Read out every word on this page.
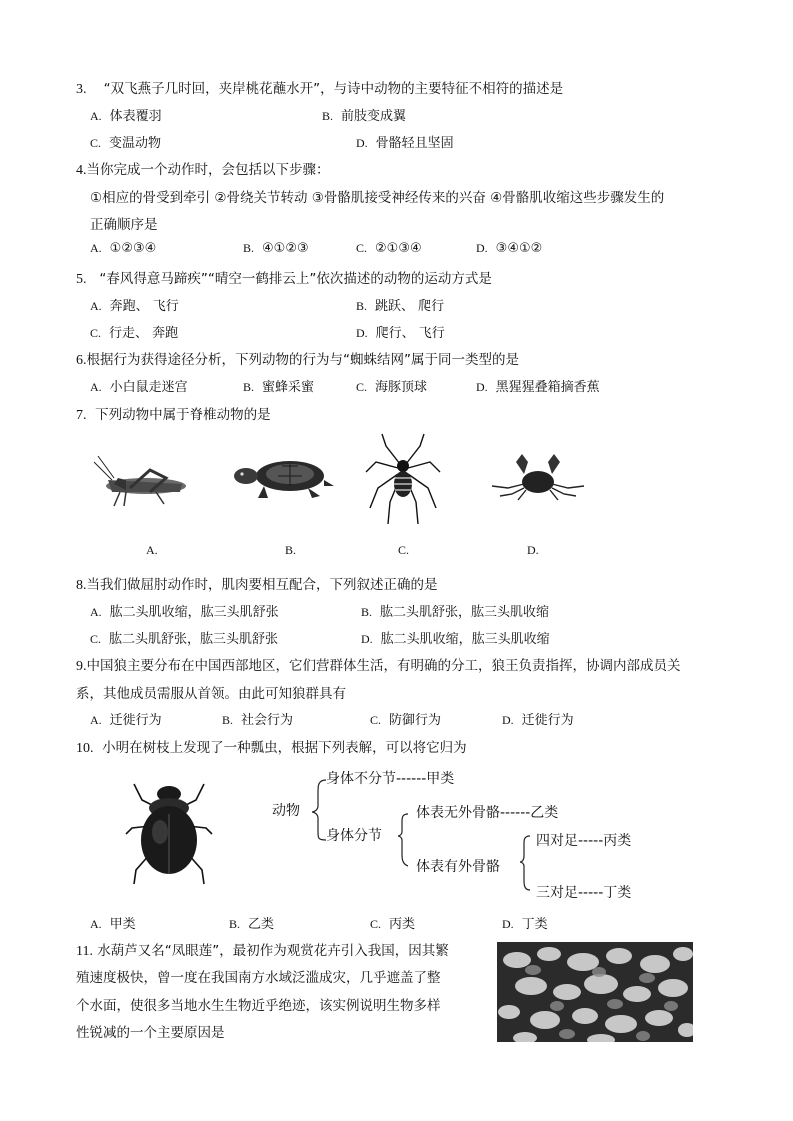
3. “双飞燕子几时回，夹岸桃花蘸水开”，与诗中动物的主要特征不相符的描述是
A. 体表覆羽	B. 前肢变成翼
C. 变温动物	D. 骨骼轻且坚固
4.当你完成一个动作时，会包括以下步骤：
①相应的骨受到牵引 ②骨绕关节转动 ③骨骼肌接受神经传来的兴奋 ④骨骼肌收缩这些步骤发生的
正确顺序是
A. ①②③④	B. ④①②③	C. ②①③④	D. ③④①②
5. “春风得意马蹄疾”“晴空一鹤排云上”依次描述的动物的运动方式是
A. 奔跑、 飞行	B. 跳跃、 爬行
C. 行走、 奔跑	D. 爬行、 飞行
6.根据行为获得途径分析，下列动物的行为与“蜘蛛结网”属于同一类型的是
A. 小白鼠走迷宫	B. 蜜蜂采蜜	C. 海豚顶球	D. 黑猩猩叠箱摘香蕉
7. 下列动物中属于脊椎动物的是
A.	B.	C.	D.
8.当我们做屈肘动作时，肌肉要相互配合，下列叙述正确的是
A. 肱二头肌收缩，肱三头肌舒张	B. 肱二头肌舒张，肱三头肌收缩
C. 肱二头肌舒张，肱三头肌舒张	D. 肱二头肌收缩，肱三头肌收缩
9.中国狼主要分布在中国西部地区，它们营群体生活，有明确的分工，狼王负责指挥，协调内部成员关
系，其他成员需服从首领。由此可知狼群具有
A. 迁徙行为	B. 社会行为	C. 防御行为	D. 迁徙行为
10. 小明在树枝上发现了一种瓢虫，根据下列表解，可以将它归为
动物
身体不分节------甲类
身体分节
体表无外骨骼------乙类
体表有外骨骼
四对足-----丙类
三对足-----丁类
A. 甲类	B. 乙类	C. 丙类	D. 丁类
11. 水葫芦又名“凤眼莲”，最初作为观赏花卉引入我国，因其繁
殖速度极快，曾一度在我国南方水域泛滥成灾，几乎遮盖了整
个水面，使很多当地水生生物近乎绝迹，该实例说明生物多样
性锐减的一个主要原因是
